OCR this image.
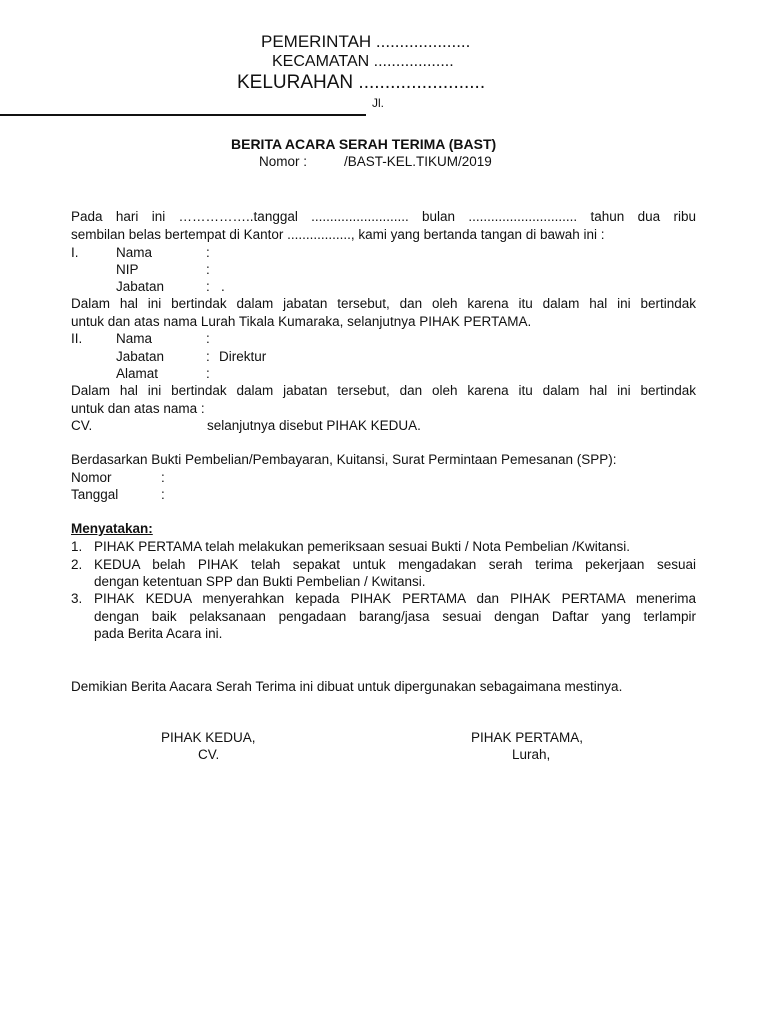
PEMERINTAH ....................
KECAMATAN ..................
KELURAHAN ........................
Jl.
BERITA ACARA SERAH TERIMA (BAST)
Nomor :	/BAST-KEL.TIKUM/2019
Pada hari ini ……………..tanggal .......................... bulan ............................. tahun dua ribu
sembilan belas bertempat di Kantor ................., kami yang bertanda tangan di bawah ini :
I.	Nama	:
NIP	:
Jabatan	: .
Dalam hal ini bertindak dalam jabatan tersebut, dan oleh karena itu dalam hal ini bertindak
untuk dan atas nama Lurah Tikala Kumaraka, selanjutnya PIHAK PERTAMA.
II. Nama	:
Jabatan	: Direktur
Alamat	:
Dalam hal ini bertindak dalam jabatan tersebut, dan oleh karena itu dalam hal ini bertindak
untuk dan atas nama :
CV.	selanjutnya disebut PIHAK KEDUA.
Berdasarkan Bukti Pembelian/Pembayaran, Kuitansi, Surat Permintaan Pemesanan (SPP):
Nomor	:
Tanggal	:
Menyatakan:
1. PIHAK PERTAMA telah melakukan pemeriksaan sesuai Bukti / Nota Pembelian /Kwitansi.
2. KEDUA belah PIHAK telah sepakat untuk mengadakan serah terima pekerjaan sesuai
dengan ketentuan SPP dan Bukti Pembelian / Kwitansi.
3. PIHAK KEDUA menyerahkan kepada PIHAK PERTAMA dan PIHAK PERTAMA menerima
dengan baik pelaksanaan pengadaan barang/jasa sesuai dengan Daftar yang terlampir
pada Berita Acara ini.
Demikian Berita Aacara Serah Terima ini dibuat untuk dipergunakan sebagaimana mestinya.
PIHAK KEDUA,
CV.
PIHAK PERTAMA,
Lurah,
